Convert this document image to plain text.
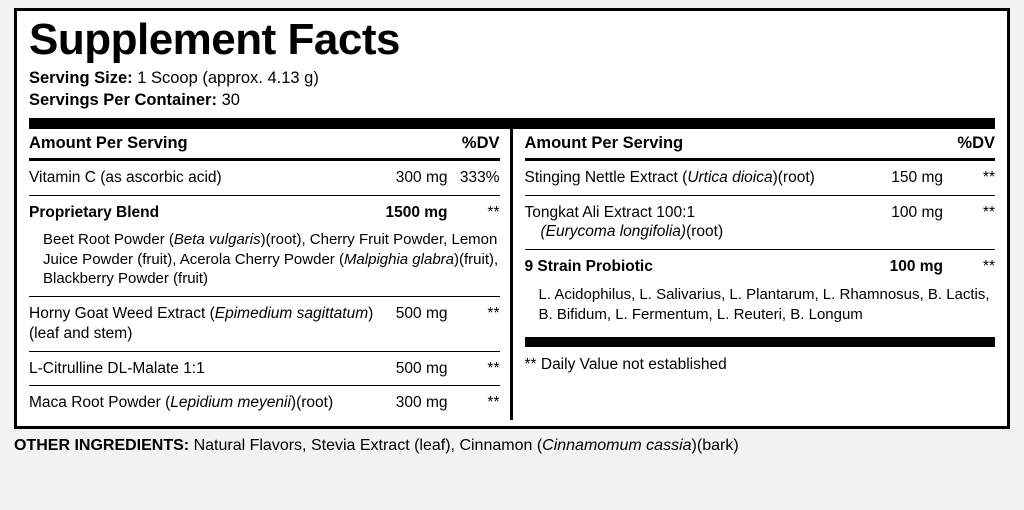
Supplement Facts
Serving Size: 1 Scoop (approx. 4.13 g)
Servings Per Container: 30
Amount Per Serving	%DV
Vitamin C (as ascorbic acid)	300 mg 333%
Proprietary Blend	1500 mg	**
Beet Root Powder (Beta vulgaris)(root), Cherry Fruit Powder, Lemon Juice Powder (fruit), Acerola Cherry Powder (Malpighia glabra)(fruit), Blackberry Powder (fruit)
Horny Goat Weed Extract (Epimedium sagittatum)(leaf and stem)
500 mg	**
L-Citrulline DL-Malate 1:1	500 mg	**
Maca Root Powder (Lepidium meyenii)(root)	300 mg	**
Amount Per Serving	%DV
Stinging Nettle Extract (Urtica dioica)(root)	150 mg	**
Tongkat Ali Extract 100:1
(Eurycoma longifolia)(root)
100 mg	**
9 Strain Probiotic	100 mg	**
L. Acidophilus, L. Salivarius, L. Plantarum, L. Rhamnosus, B. Lactis, B. Bifidum, L. Fermentum, L. Reuteri, B. Longum
** Daily Value not established
OTHER INGREDIENTS: Natural Flavors, Stevia Extract (leaf), Cinnamon (Cinnamomum cassia)(bark)
